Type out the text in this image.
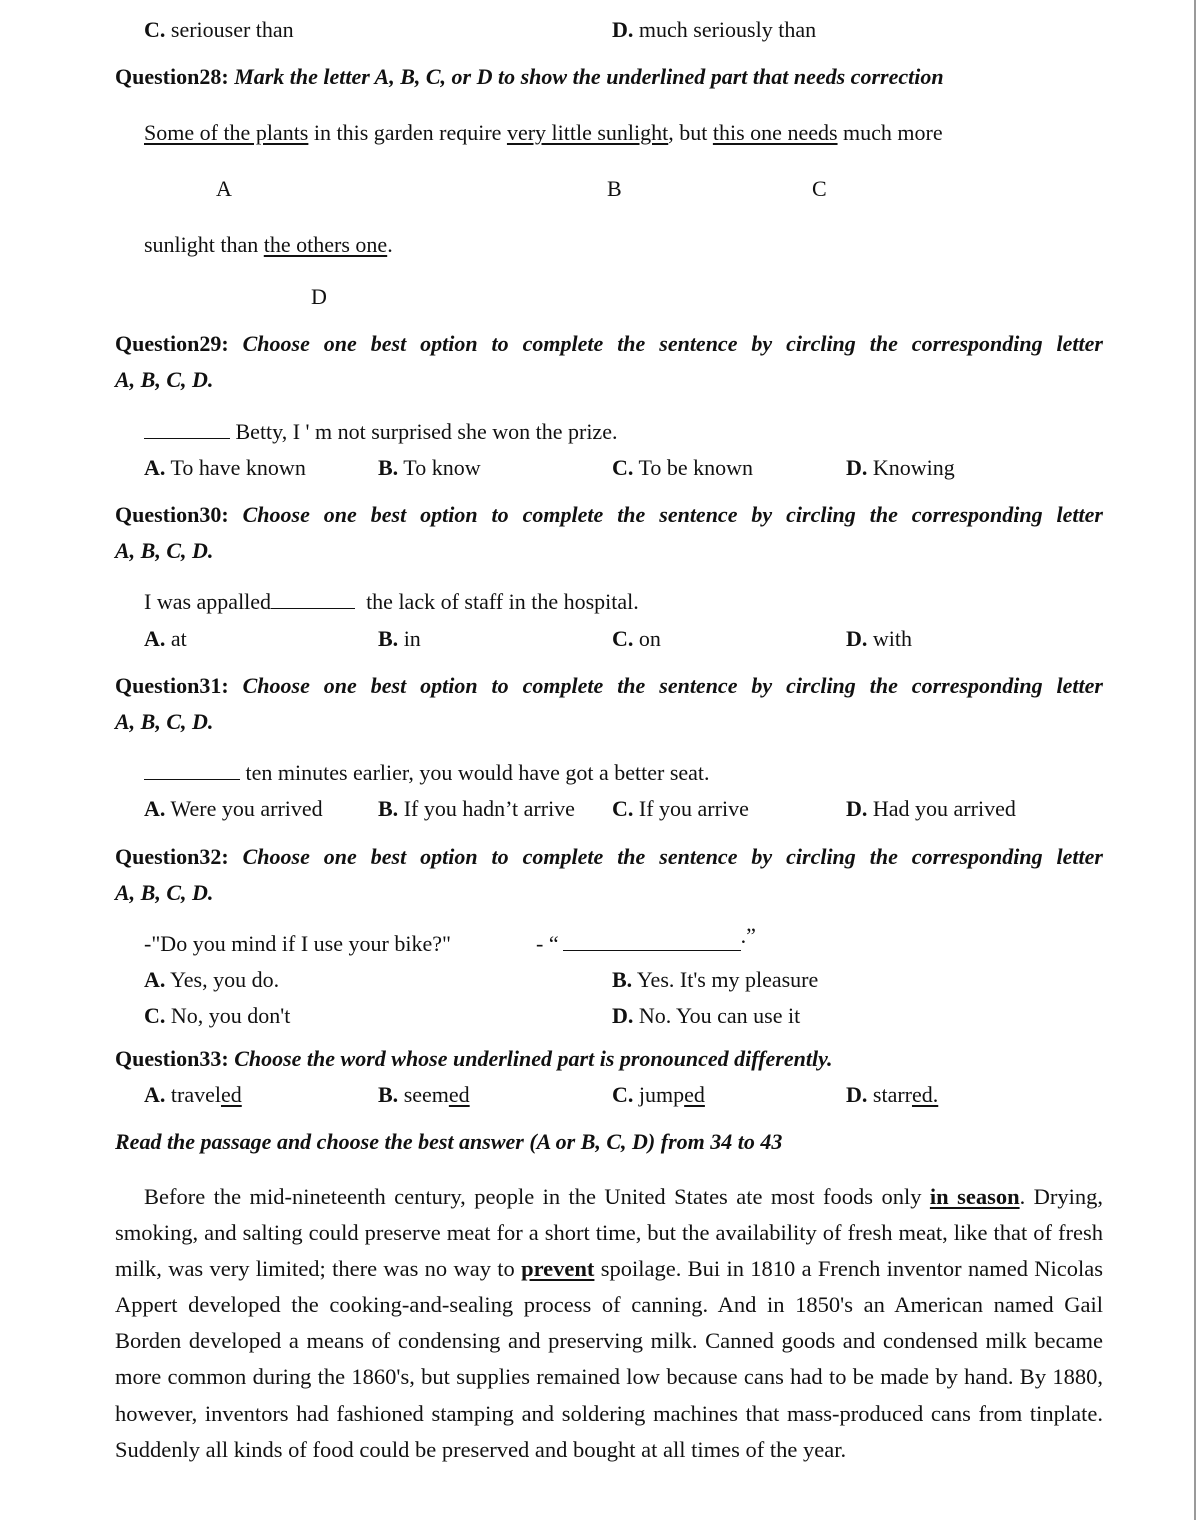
C. seriouser than	D. much seriously than
Question28: Mark the letter A, B, C, or D to show the underlined part that needs correction
Some of the plants in this garden require very little sunlight, but this one needs much more
A	B	C
sunlight than the others one.
D
Question29: Choose one best option to complete the sentence by circling the corresponding letter
A, B, C, D.
Betty, I ' m not surprised she won the prize.
A. To have known	B. To know	C. To be known	D. Knowing
Question30: Choose one best option to complete the sentence by circling the corresponding letter
A, B, C, D.
I was appalled	the lack of staff in the hospital.
A. at	B. in	C. on	D. with
Question31: Choose one best option to complete the sentence by circling the corresponding letter
A, B, C, D.
ten minutes earlier, you would have got a better seat.
A. Were you arrived	B. If you hadn’t arrive C. If you arrive	D. Had you arrived
Question32: Choose one best option to complete the sentence by circling the corresponding letter
A, B, C, D.
-"Do you mind if I use your bike?"	- “	.”
A. Yes, you do.	B. Yes. It's my pleasure
C. No, you don't	D. No. You can use it
Question33: Choose the word whose underlined part is pronounced differently.
A. traveled	B. seemed	C. jumped	D. starred.
Read the passage and choose the best answer (A or B, C, D) from 34 to 43
Before the mid-nineteenth century, people in the United States ate most foods only in season. Drying, smoking, and salting could preserve meat for a short time, but the availability of fresh meat, like that of fresh milk, was very limited; there was no way to prevent spoilage. Bui in 1810 a French inventor named Nicolas Appert developed the cooking-and-sealing process of canning. And in 1850's an American named Gail Borden developed a means of condensing and preserving milk. Canned goods and condensed milk became more common during the 1860's, but supplies remained low because cans had to be made by hand. By 1880, however, inventors had fashioned stamping and soldering machines that mass-produced cans from tinplate. Suddenly all kinds of food could be preserved and bought at all times of the year.
